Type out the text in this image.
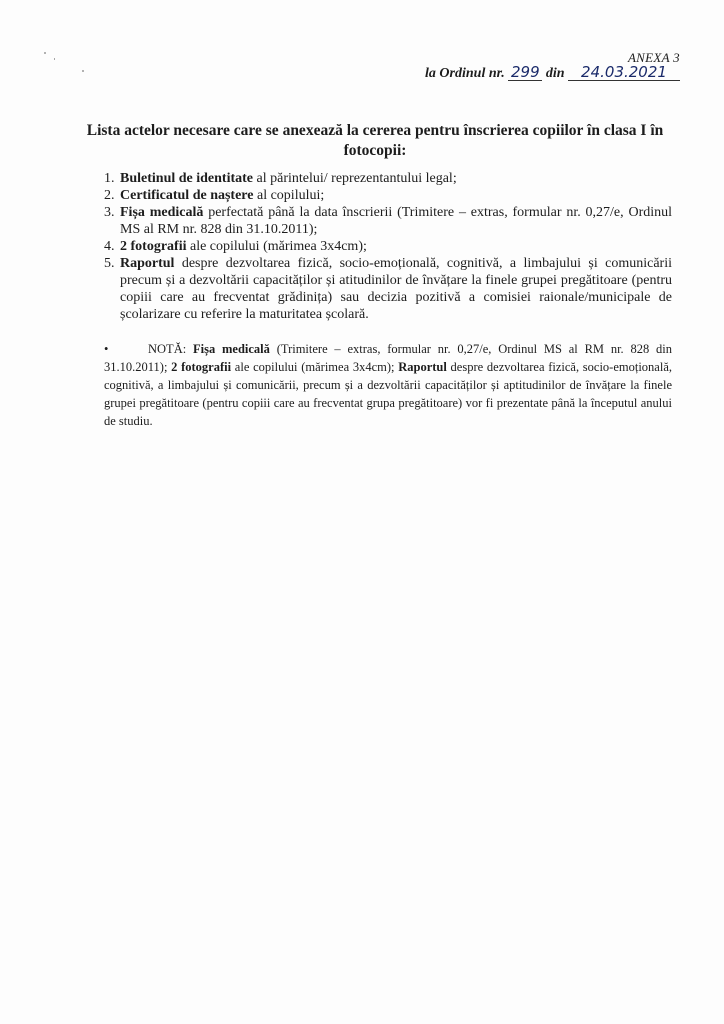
ANEXA 3
la Ordinul nr. 299 din 24.03.2021
Lista actelor necesare care se anexează la cererea pentru înscrierea copiilor în clasa I în fotocopii:
1. Buletinul de identitate al părintelui/ reprezentantului legal;
2. Certificatul de naștere al copilului;
3. Fișa medicală perfectată până la data înscrierii (Trimitere – extras, formular nr. 0,27/e, Ordinul MS al RM nr. 828 din 31.10.2011);
4. 2 fotografii ale copilului (mărimea 3x4cm);
5. Raportul despre dezvoltarea fizică, socio-emoțională, cognitivă, a limbajului și comunicării precum și a dezvoltării capacităților și atitudinilor de învățare la finele grupei pregătitoare (pentru copiii care au frecventat grădinița) sau decizia pozitivă a comisiei raionale/municipale de școlarizare cu referire la maturitatea școlară.
•	NOTĂ: Fișa medicală (Trimitere – extras, formular nr. 0,27/e, Ordinul MS al RM nr. 828 din 31.10.2011); 2 fotografii ale copilului (mărimea 3x4cm); Raportul despre dezvoltarea fizică, socio-emoțională, cognitivă, a limbajului și comunicării, precum și a dezvoltării capacităților și aptitudinilor de învățare la finele grupei pregătitoare (pentru copiii care au frecventat grupa pregătitoare) vor fi prezentate până la începutul anului de studiu.
